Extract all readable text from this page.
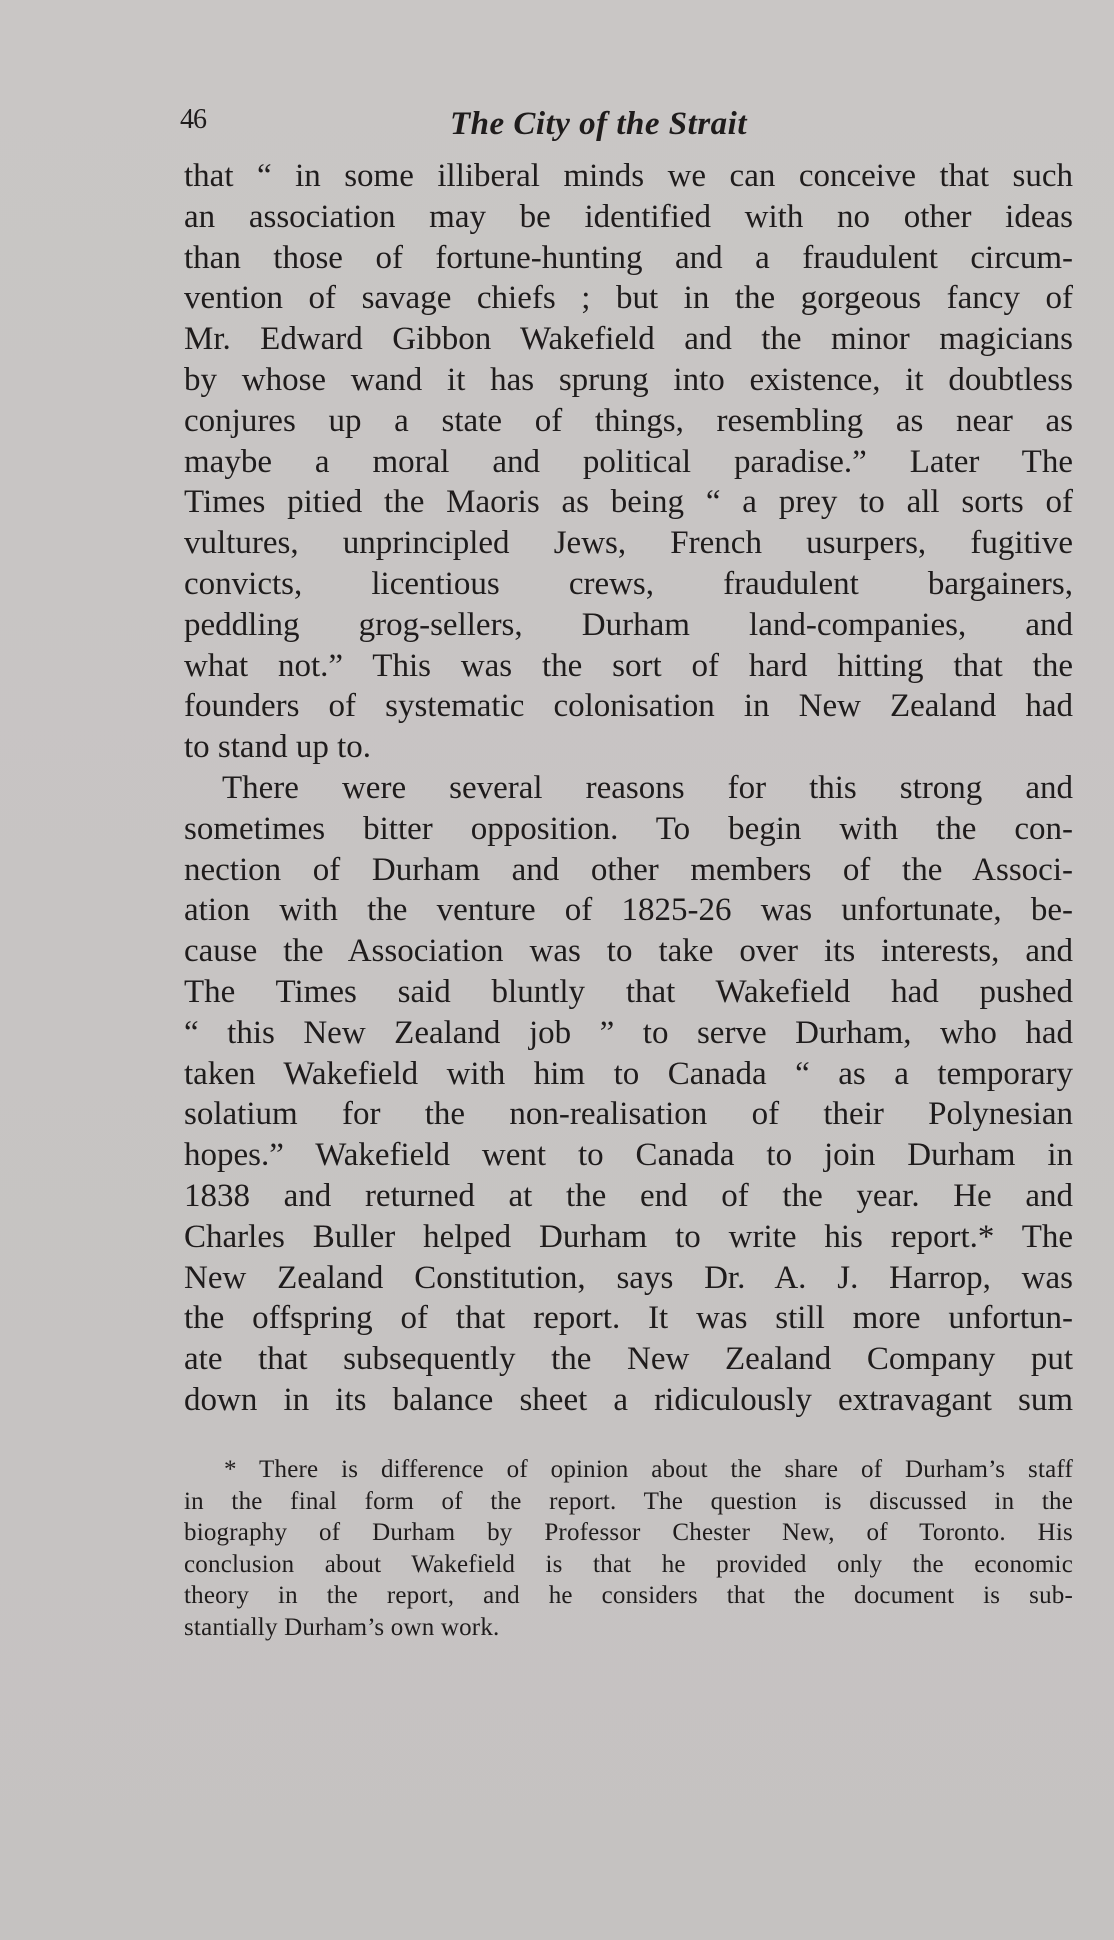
46	The City of the Strait
that “ in some illiberal minds we can conceive that such
an association may be identified with no other ideas
than those of fortune-hunting and a fraudulent circum-
vention of savage chiefs ; but in the gorgeous fancy of
Mr. Edward Gibbon Wakefield and the minor magicians
by whose wand it has sprung into existence, it doubtless
conjures up a state of things, resembling as near as
maybe a moral and political paradise.” Later The
Times pitied the Maoris as being “ a prey to all sorts of
vultures, unprincipled Jews, French usurpers, fugitive
convicts, licentious crews, fraudulent bargainers,
peddling grog-sellers, Durham land-companies, and
what not.” This was the sort of hard hitting that the
founders of systematic colonisation in New Zealand had
to stand up to.
There were several reasons for this strong and
sometimes bitter opposition. To begin with the con-
nection of Durham and other members of the Associ-
ation with the venture of 1825-26 was unfortunate, be-
cause the Association was to take over its interests, and
The Times said bluntly that Wakefield had pushed
“ this New Zealand job ” to serve Durham, who had
taken Wakefield with him to Canada “ as a temporary
solatium for the non-realisation of their Polynesian
hopes.” Wakefield went to Canada to join Durham in
1838 and returned at the end of the year. He and
Charles Buller helped Durham to write his report.* The
New Zealand Constitution, says Dr. A. J. Harrop, was
the offspring of that report. It was still more unfortun-
ate that subsequently the New Zealand Company put
down in its balance sheet a ridiculously extravagant sum
* There is difference of opinion about the share of Durham’s staff
in the final form of the report. The question is discussed in the
biography of Durham by Professor Chester New, of Toronto. His
conclusion about Wakefield is that he provided only the economic
theory in the report, and he considers that the document is sub-
stantially Durham’s own work.
